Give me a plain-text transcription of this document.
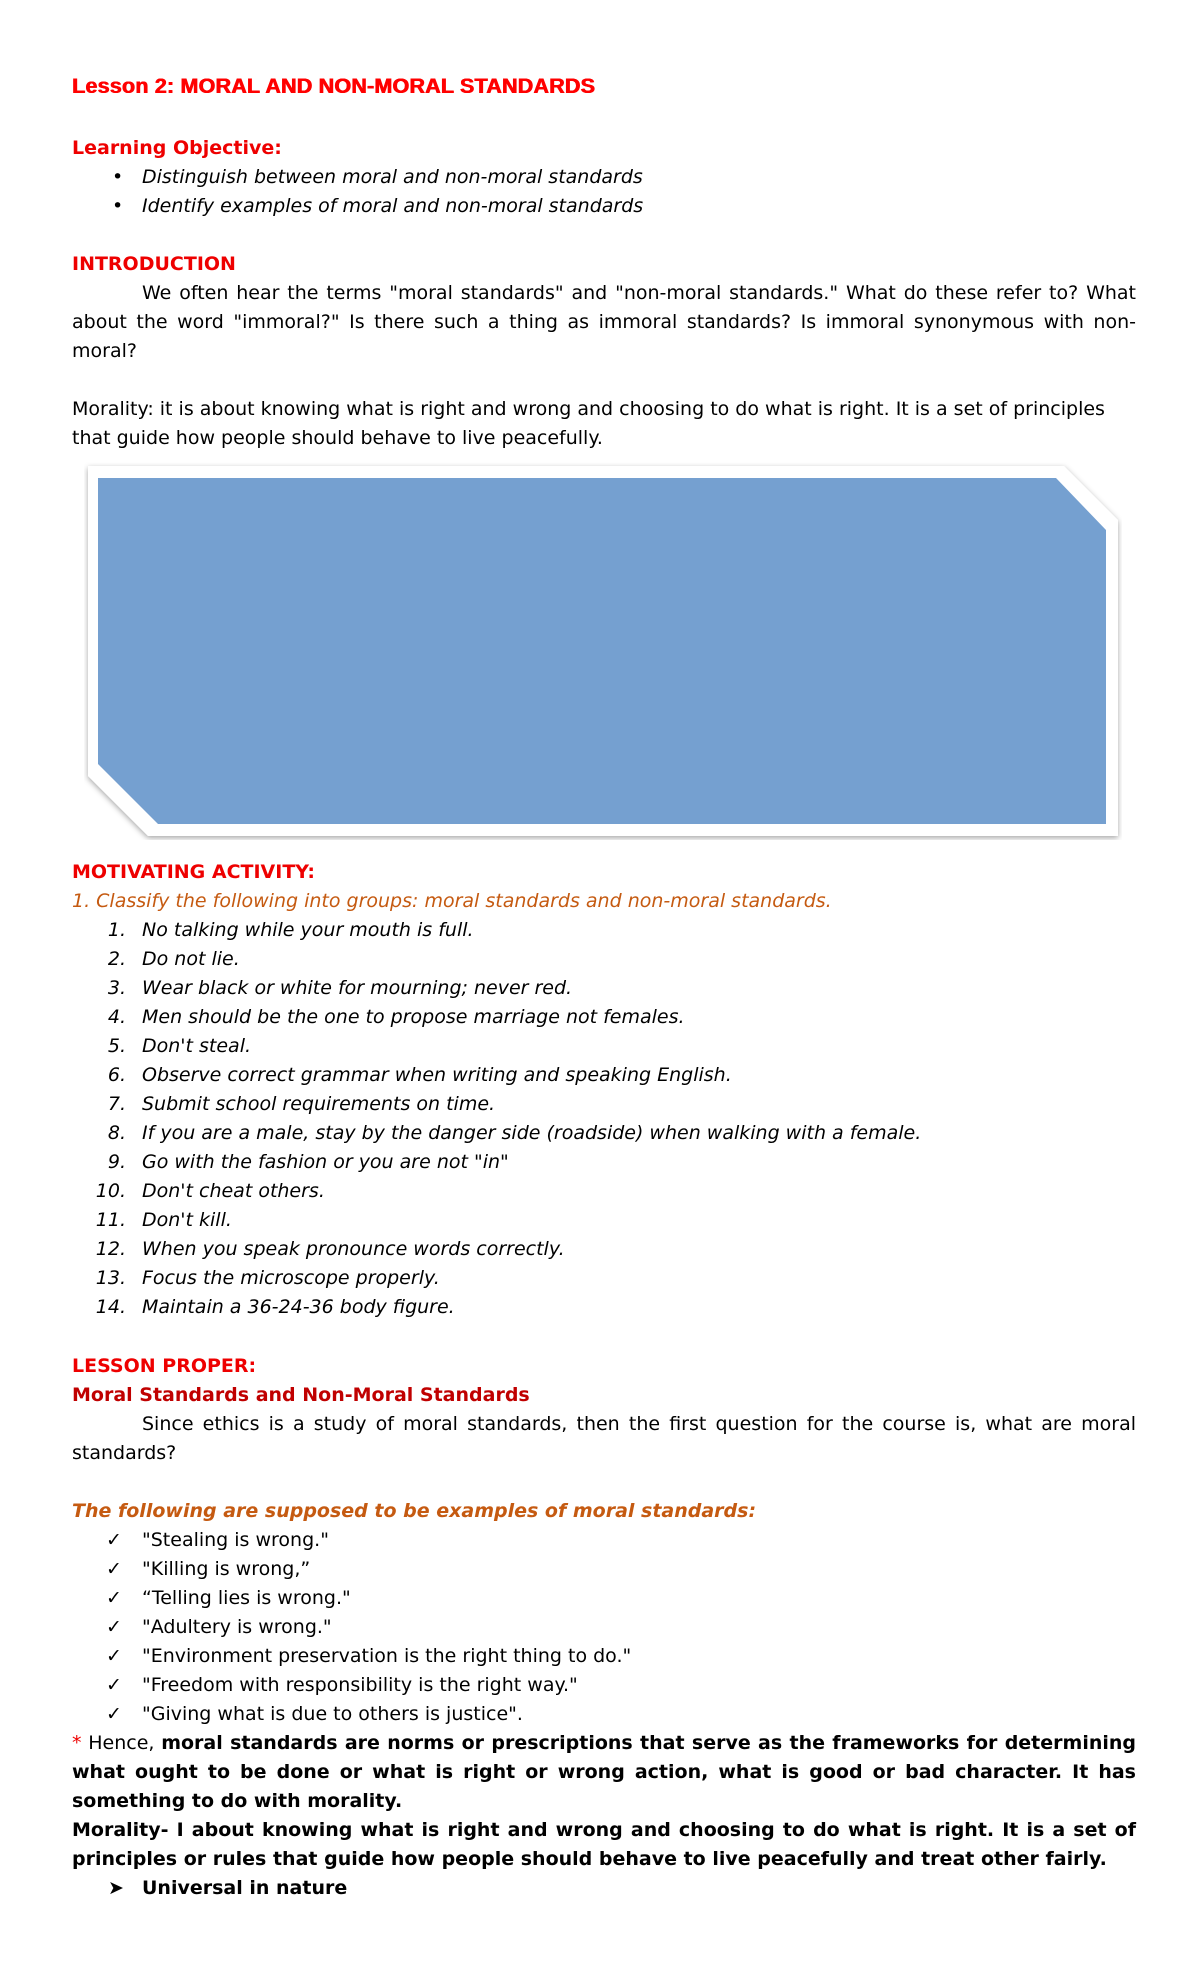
Lesson 2: MORAL AND NON-MORAL STANDARDS
Learning Objective:
• Distinguish between moral and non-moral standards
• Identify examples of moral and non-moral standards
INTRODUCTION
We often hear the terms "moral standards" and "non-moral standards." What do these refer to? What about the word "immoral?" Is there such a thing as immoral standards? Is immoral synonymous with non-moral?
Morality: it is about knowing what is right and wrong and choosing to do what is right. It is a set of principles that guide how people should behave to live peacefully.
MOTIVATING ACTIVITY:
1. Classify the following into groups: moral standards and non-moral standards.
1. No talking while your mouth is full.
2. Do not lie.
3. Wear black or white for mourning; never red.
4. Men should be the one to propose marriage not females.
5. Don't steal.
6. Observe correct grammar when writing and speaking English.
7. Submit school requirements on time.
8. If you are a male, stay by the danger side (roadside) when walking with a female.
9. Go with the fashion or you are not "in"
10. Don't cheat others.
11. Don't kill.
12. When you speak pronounce words correctly.
13. Focus the microscope properly.
14. Maintain a 36-24-36 body figure.
LESSON PROPER:
Moral Standards and Non-Moral Standards
Since ethics is a study of moral standards, then the first question for the course is, what are moral standards?
The following are supposed to be examples of moral standards:
✓ "Stealing is wrong."
✓ "Killing is wrong,”
✓ “Telling lies is wrong."
✓ "Adultery is wrong."
✓ "Environment preservation is the right thing to do."
✓ "Freedom with responsibility is the right way."
✓ "Giving what is due to others is justice".
* Hence, moral standards are norms or prescriptions that serve as the frameworks for determining what ought to be done or what is right or wrong action, what is good or bad character. It has something to do with morality.
Morality- I about knowing what is right and wrong and choosing to do what is right. It is a set of principles or rules that guide how people should behave to live peacefully and treat other fairly.
➤ Universal in nature
